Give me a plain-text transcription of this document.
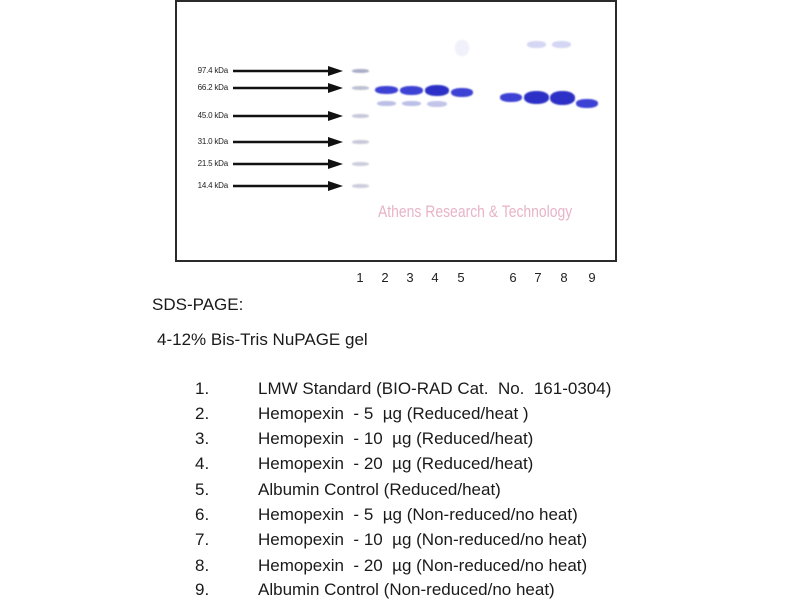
97.4 kDa
66.2 kDa
45.0 kDa
31.0 kDa
21.5 kDa
14.4 kDa
Athens Research & Technology
1 2 3 4 5	6 7 8 9
SDS-PAGE:
4-12% Bis-Tris NuPAGE gel
1.	LMW Standard (BIO-RAD Cat.  No.  161-0304)
2.	Hemopexin  - 5  µg (Reduced/heat )
3.	Hemopexin  - 10  µg (Reduced/heat)
4.	Hemopexin  - 20  µg (Reduced/heat)
5.	Albumin Control (Reduced/heat)
6.	Hemopexin  - 5  µg (Non-reduced/no heat)
7.	Hemopexin  - 10  µg (Non-reduced/no heat)
8.	Hemopexin  - 20  µg (Non-reduced/no heat)
9.	Albumin Control (Non-reduced/no heat)
